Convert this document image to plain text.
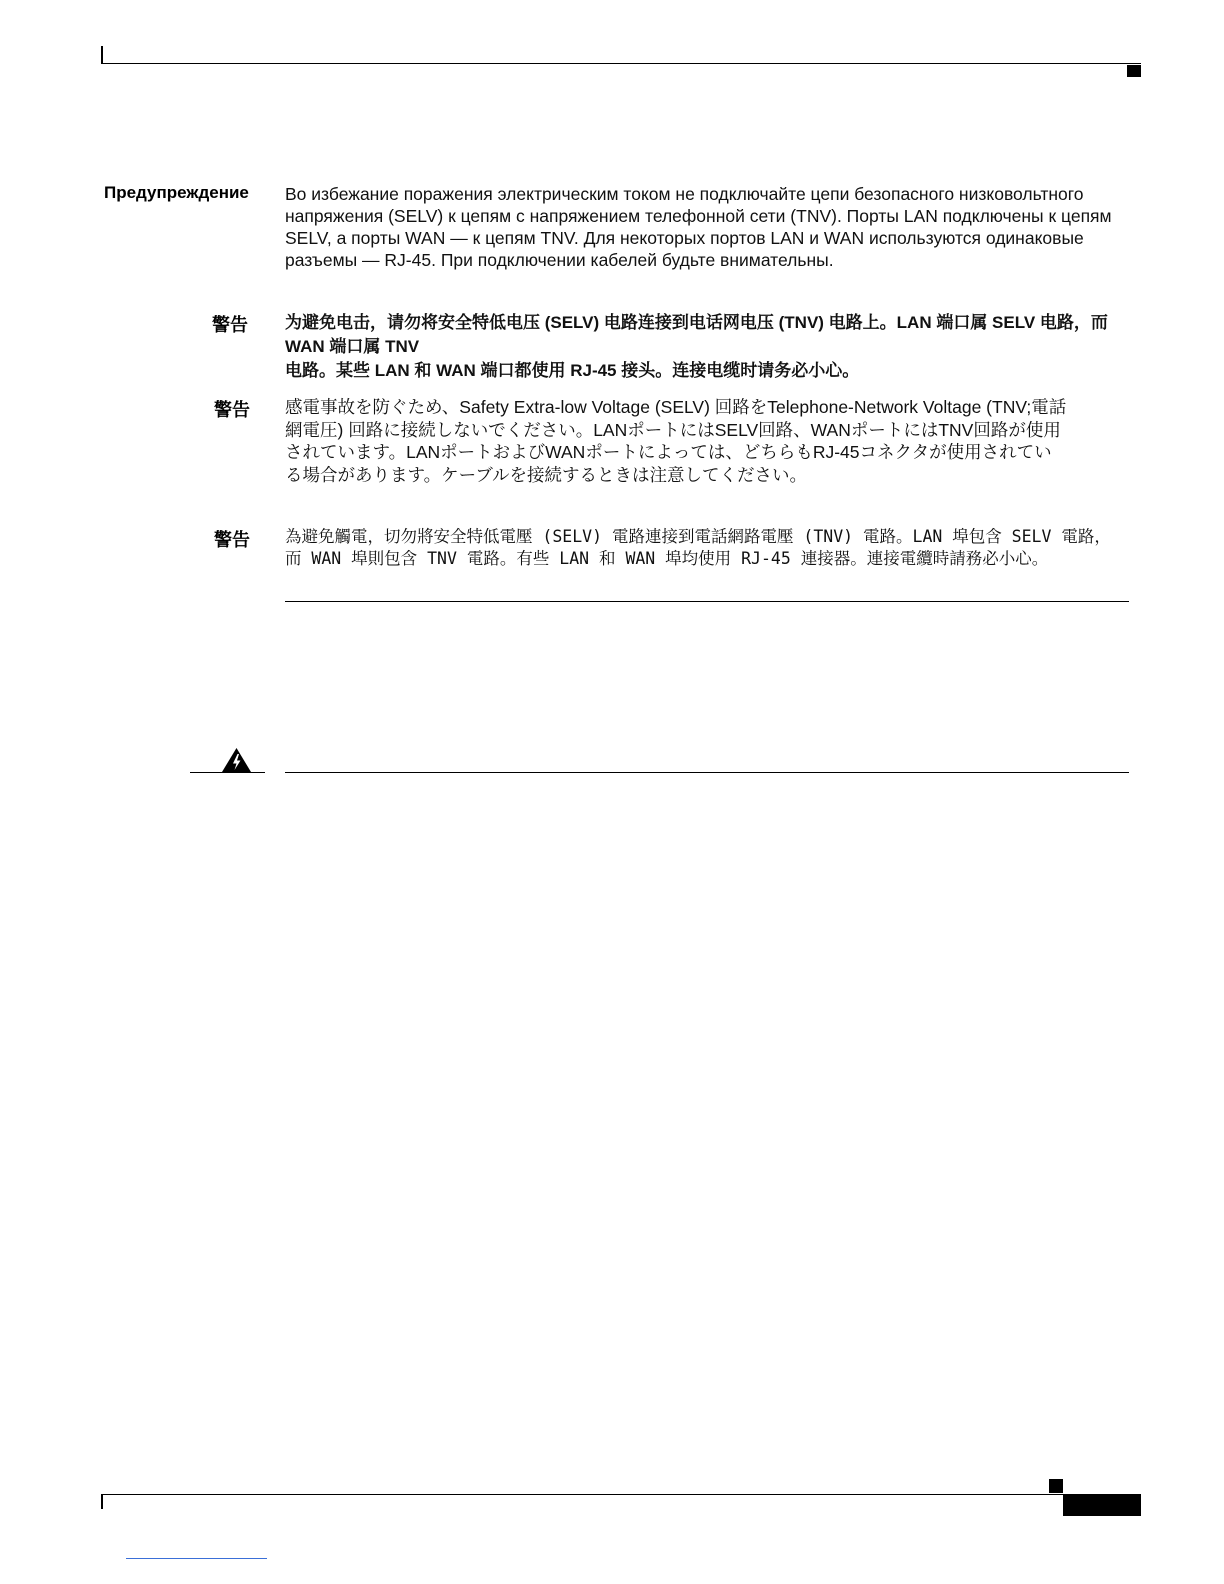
Предупреждение Во избежание поражения электрическим током не подключайте цепи безопасного низковольтного
напряжения (SELV) к цепям с напряжением телефонной сети (TNV). Порты LAN подключены к цепям
SELV, а порты WAN — к цепям TNV. Для некоторых портов LAN и WAN используются одинаковые
разъемы — RJ-45. При подключении кабелей будьте внимательны.
警告 为避免电击，请勿将安全特低电压 (SELV) 电路连接到电话网电压 (TNV) 电路上。LAN 端口属 SELV 电路，而 WAN 端口属 TNV
电路。某些 LAN 和 WAN 端口都使用 RJ-45 接头。连接电缆时请务必小心。
警告 感電事故を防ぐため、Safety Extra-low Voltage (SELV) 回路をTelephone-Network Voltage (TNV;電話
網電圧) 回路に接続しないでください。LANポートにはSELV回路、WANポートにはTNV回路が使用
されています。LANポートおよびWANポートによっては、どちらもRJ-45コネクタが使用されてい
る場合があります。ケーブルを接続するときは注意してください。
警告 為避免觸電，切勿將安全特低電壓 (SELV) 電路連接到電話網路電壓 (TNV) 電路。LAN 埠包含 SELV 電路，
而 WAN 埠則包含 TNV 電路。有些 LAN 和 WAN 埠均使用 RJ-45 連接器。連接電纜時請務必小心。
